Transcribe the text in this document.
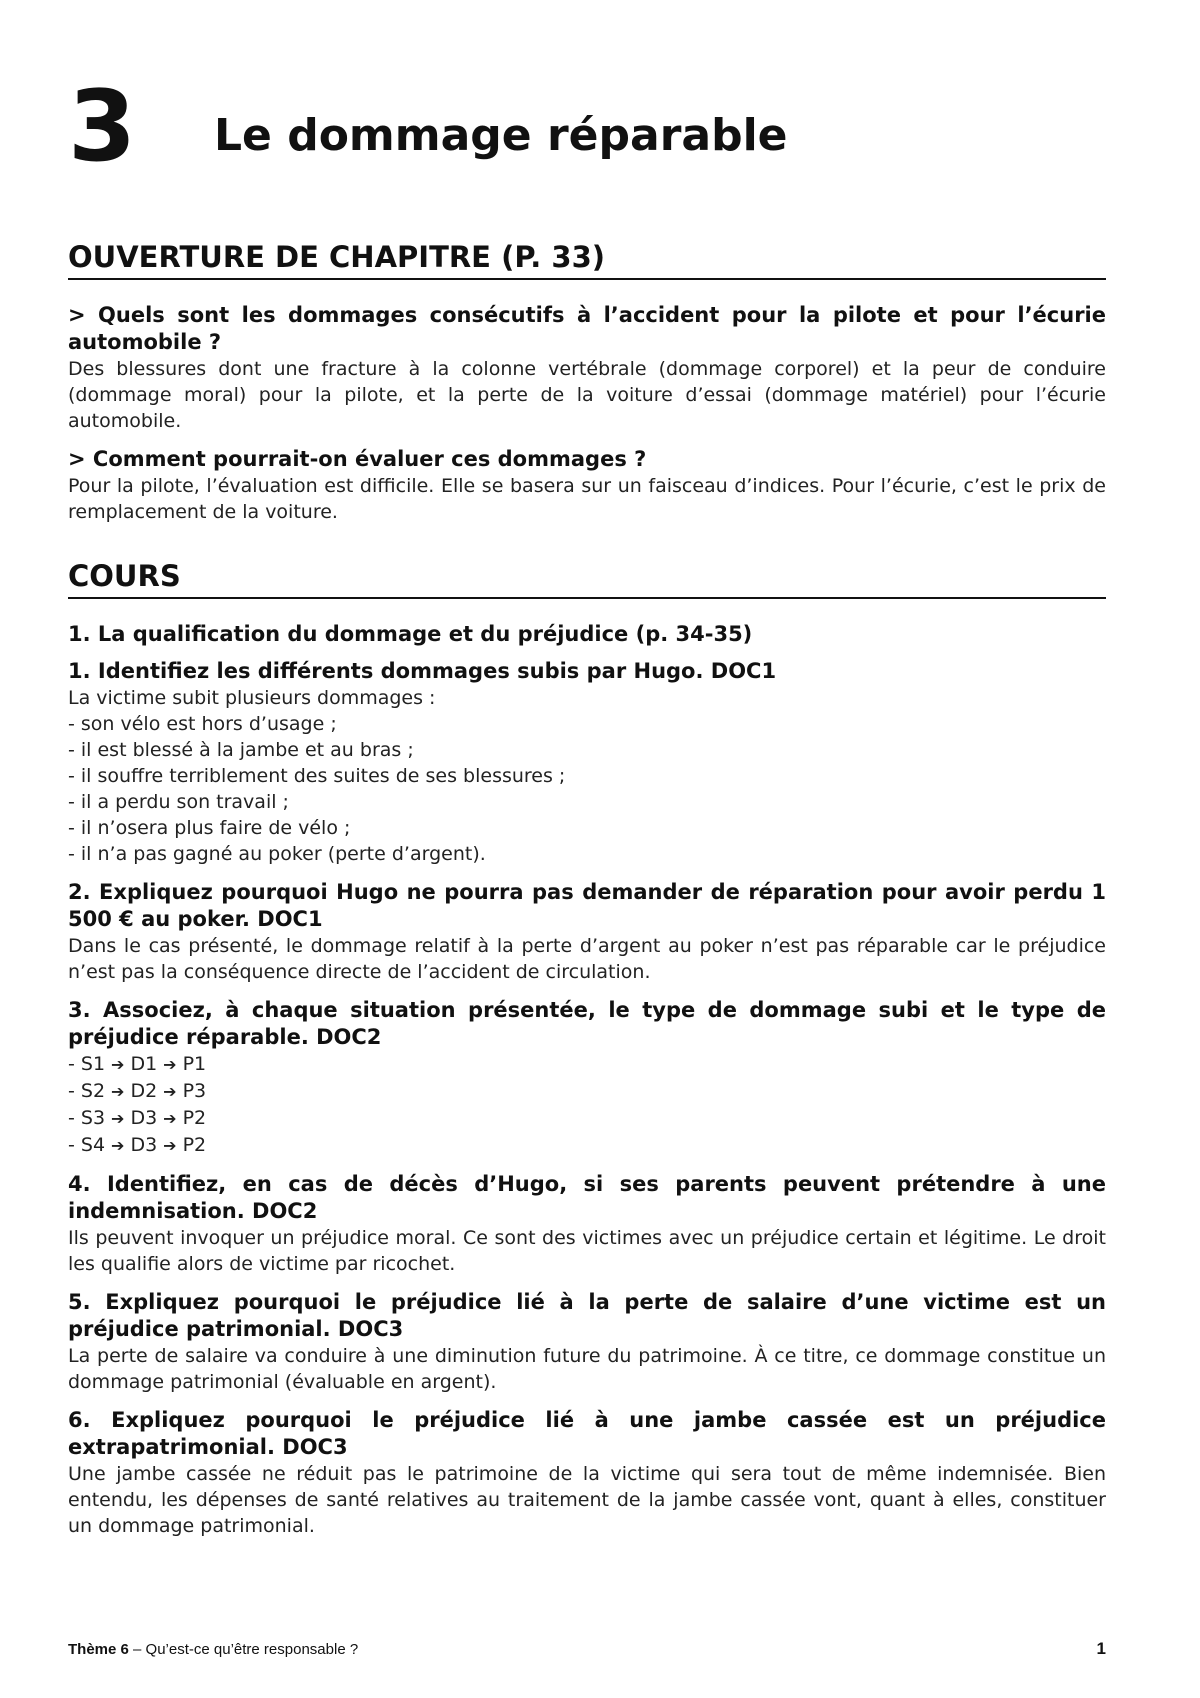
3 Le dommage réparable
OUVERTURE DE CHAPITRE (P. 33)

> Quels sont les dommages consécutifs à l’accident pour la pilote et pour l’écurie automobile ?

Des blessures dont une fracture à la colonne vertébrale (dommage corporel) et la peur de conduire (dommage moral) pour la pilote, et la perte de la voiture d’essai (dommage matériel) pour l’écurie automobile.

> Comment pourrait-on évaluer ces dommages ?

Pour la pilote, l’évaluation est difficile. Elle se basera sur un faisceau d’indices. Pour l’écurie, c’est le prix de remplacement de la voiture.

COURS

1. La qualification du dommage et du préjudice (p. 34-35)

1. Identifiez les différents dommages subis par Hugo. DOC1

La victime subit plusieurs dommages :

- son vélo est hors d’usage ;
- il est blessé à la jambe et au bras ;
- il souffre terriblement des suites de ses blessures ;
- il a perdu son travail ;
- il n’osera plus faire de vélo ;
- il n’a pas gagné au poker (perte d’argent).

2. Expliquez pourquoi Hugo ne pourra pas demander de réparation pour avoir perdu 1 500 € au poker. DOC1

Dans le cas présenté, le dommage relatif à la perte d’argent au poker n’est pas réparable car le préjudice n’est pas la conséquence directe de l’accident de circulation.

3. Associez, à chaque situation présentée, le type de dommage subi et le type de préjudice réparable. DOC2

- S1 ➔ D1 ➔ P1
- S2 ➔ D2 ➔ P3
- S3 ➔ D3 ➔ P2
- S4 ➔ D3 ➔ P2

4. Identifiez, en cas de décès d’Hugo, si ses parents peuvent prétendre à une indemnisation. DOC2

Ils peuvent invoquer un préjudice moral. Ce sont des victimes avec un préjudice certain et légitime. Le droit les qualifie alors de victime par ricochet.

5. Expliquez pourquoi le préjudice lié à la perte de salaire d’une victime est un préjudice patrimonial. DOC3

La perte de salaire va conduire à une diminution future du patrimoine. À ce titre, ce dommage constitue un dommage patrimonial (évaluable en argent).

6. Expliquez pourquoi le préjudice lié à une jambe cassée est un préjudice extrapatrimonial. DOC3

Une jambe cassée ne réduit pas le patrimoine de la victime qui sera tout de même indemnisée. Bien entendu, les dépenses de santé relatives au traitement de la jambe cassée vont, quant à elles, constituer un dommage patrimonial.

Thème 6 – Qu’est-ce qu’être responsable ?	1
